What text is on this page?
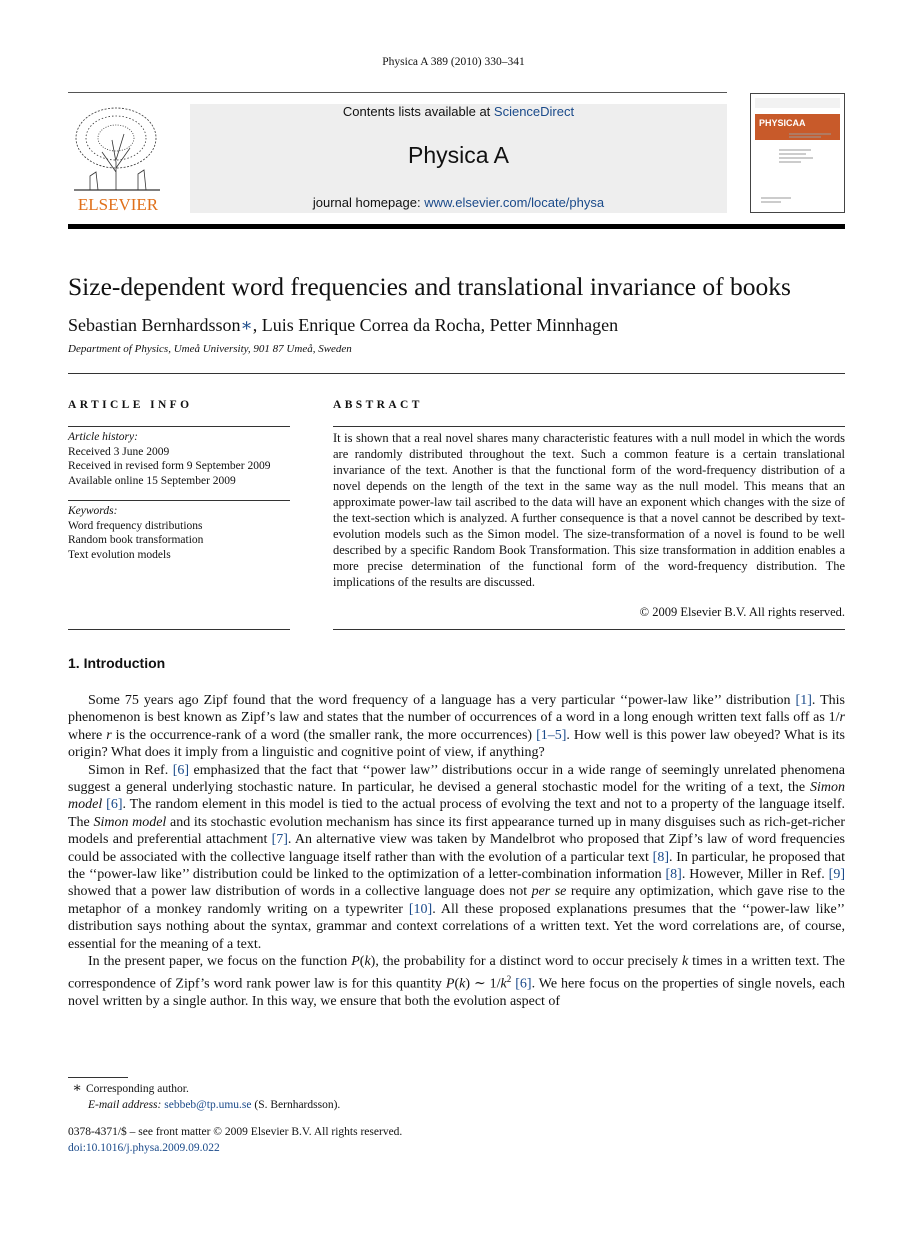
Physica A 389 (2010) 330–341
ELSEVIER
Contents lists available at ScienceDirect
Physica A
journal homepage: www.elsevier.com/locate/physa
PHYSICA A
Size-dependent word frequencies and translational invariance of books
Sebastian Bernhardsson∗, Luis Enrique Correa da Rocha, Petter Minnhagen
Department of Physics, Umeå University, 901 87 Umeå, Sweden
ARTICLE INFO
Article history:
Received 3 June 2009
Received in revised form 9 September 2009
Available online 15 September 2009
Keywords:
Word frequency distributions
Random book transformation
Text evolution models
ABSTRACT
It is shown that a real novel shares many characteristic features with a null model in which the words are randomly distributed throughout the text. Such a common feature is a certain translational invariance of the text. Another is that the functional form of the word-frequency distribution of a novel depends on the length of the text in the same way as the null model. This means that an approximate power-law tail ascribed to the data will have an exponent which changes with the size of the text-section which is analyzed. A further consequence is that a novel cannot be described by text-evolution models such as the Simon model. The size-transformation of a novel is found to be well described by a specific Random Book Transformation. This size transformation in addition enables a more precise determination of the functional form of the word-frequency distribution. The implications of the results are discussed.
© 2009 Elsevier B.V. All rights reserved.
1. Introduction

Some 75 years ago Zipf found that the word frequency of a language has a very particular ‘‘power-law like’’ distribution [1]. This phenomenon is best known as Zipf’s law and states that the number of occurrences of a word in a long enough written text falls off as 1/r where r is the occurrence-rank of a word (the smaller rank, the more occurrences) [1–5]. How well is this power law obeyed? What is its origin? What does it imply from a linguistic and cognitive point of view, if anything?

Simon in Ref. [6] emphasized that the fact that ‘‘power law’’ distributions occur in a wide range of seemingly unrelated phenomena suggest a general underlying stochastic nature. In particular, he devised a general stochastic model for the writing of a text, the Simon model [6]. The random element in this model is tied to the actual process of evolving the text and not to a property of the language itself. The Simon model and its stochastic evolution mechanism has since its first appearance turned up in many disguises such as rich-get-richer models and preferential attachment [7]. An alternative view was taken by Mandelbrot who proposed that Zipf’s law of word frequencies could be associated with the collective language itself rather than with the evolution of a particular text [8]. In particular, he proposed that the ‘‘power-law like’’ distribution could be linked to the optimization of a letter-combination information [8]. However, Miller in Ref. [9] showed that a power law distribution of words in a collective language does not per se require any optimization, which gave rise to the metaphor of a monkey randomly writing on a typewriter [10]. All these proposed explanations presumes that the ‘‘power-law like’’ distribution says nothing about the syntax, grammar and context correlations of a written text. Yet the word correlations are, of course, essential for the meaning of a text.

In the present paper, we focus on the function P(k), the probability for a distinct word to occur precisely k times in a written text. The correspondence of Zipf’s word rank power law is for this quantity P(k) ∼ $1/k^2$ [6]. We here focus on the properties of single novels, each novel written by a single author. In this way, we ensure that both the evolution aspect of

∗ Corresponding author.
E-mail address: sebbeb@tp.umu.se (S. Bernhardsson).
0378-4371/$ – see front matter © 2009 Elsevier B.V. All rights reserved.
doi:10.1016/j.physa.2009.09.022
